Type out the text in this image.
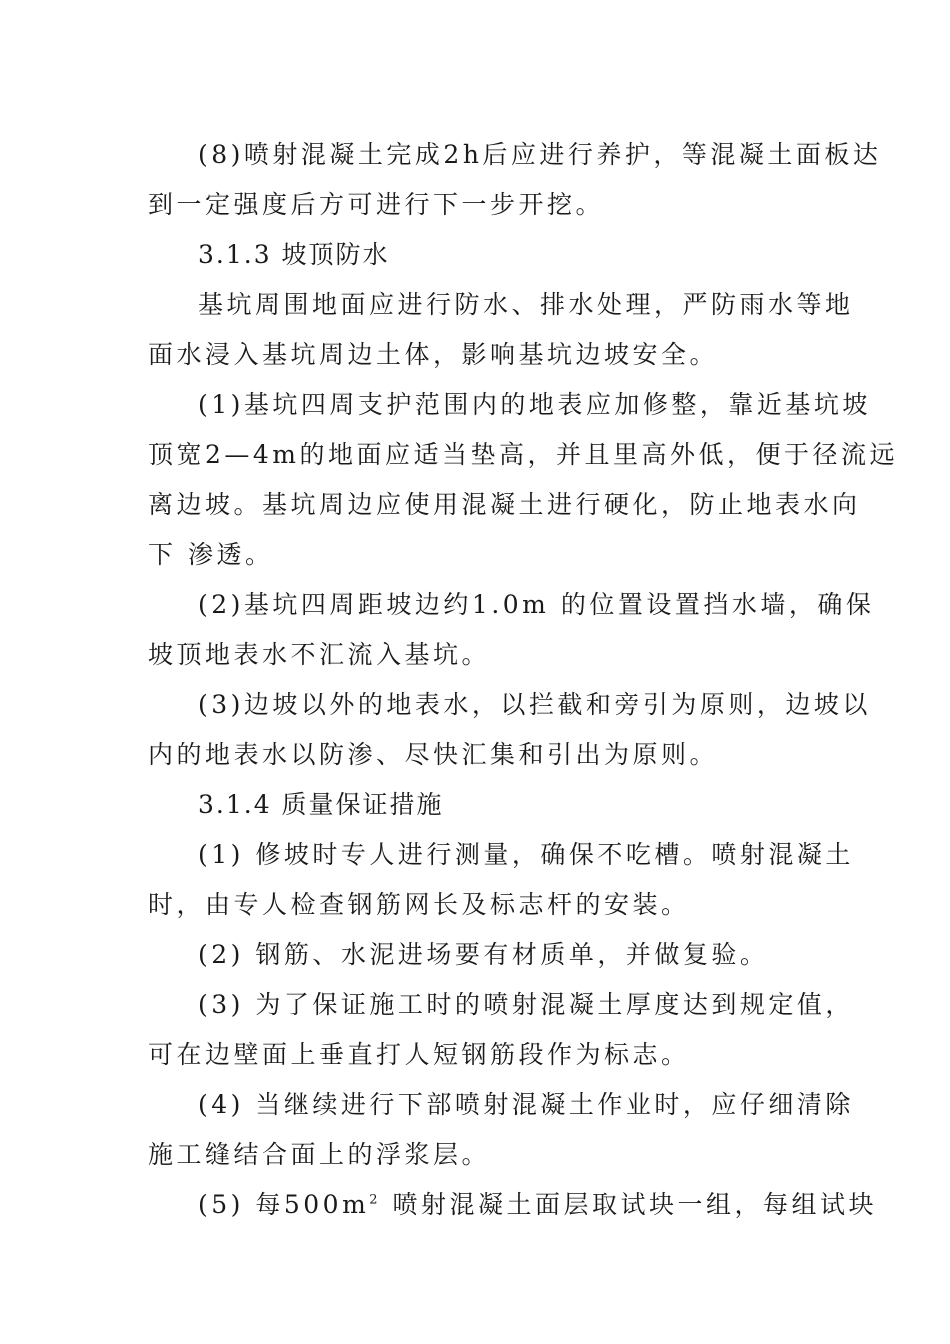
(8)喷射混凝土完成2h后应进行养护，等混凝土面板达
到一定强度后方可进行下一步开挖。
3.1.3 坡顶防水
基坑周围地面应进行防水、排水处理，严防雨水等地
面水浸入基坑周边土体，影响基坑边坡安全。
(1)基坑四周支护范围内的地表应加修整，靠近基坑坡
顶宽2—4m的地面应适当垫高，并且里高外低，便于径流远
离边坡。基坑周边应使用混凝土进行硬化，防止地表水向
下 渗透。
(2)基坑四周距坡边约1.0m 的位置设置挡水墙，确保
坡顶地表水不汇流入基坑。
(3)边坡以外的地表水，以拦截和旁引为原则，边坡以
内的地表水以防渗、尽快汇集和引出为原则。
3.1.4 质量保证措施
(1) 修坡时专人进行测量，确保不吃槽。喷射混凝土
时，由专人检查钢筋网长及标志杆的安装。
(2) 钢筋、水泥进场要有材质单，并做复验。
(3) 为了保证施工时的喷射混凝土厚度达到规定值，
可在边壁面上垂直打人短钢筋段作为标志。
(4) 当继续进行下部喷射混凝土作业时，应仔细清除
施工缝结合面上的浮浆层。
(5) 每$500m^2$ 喷射混凝土面层取试块一组，每组试块
